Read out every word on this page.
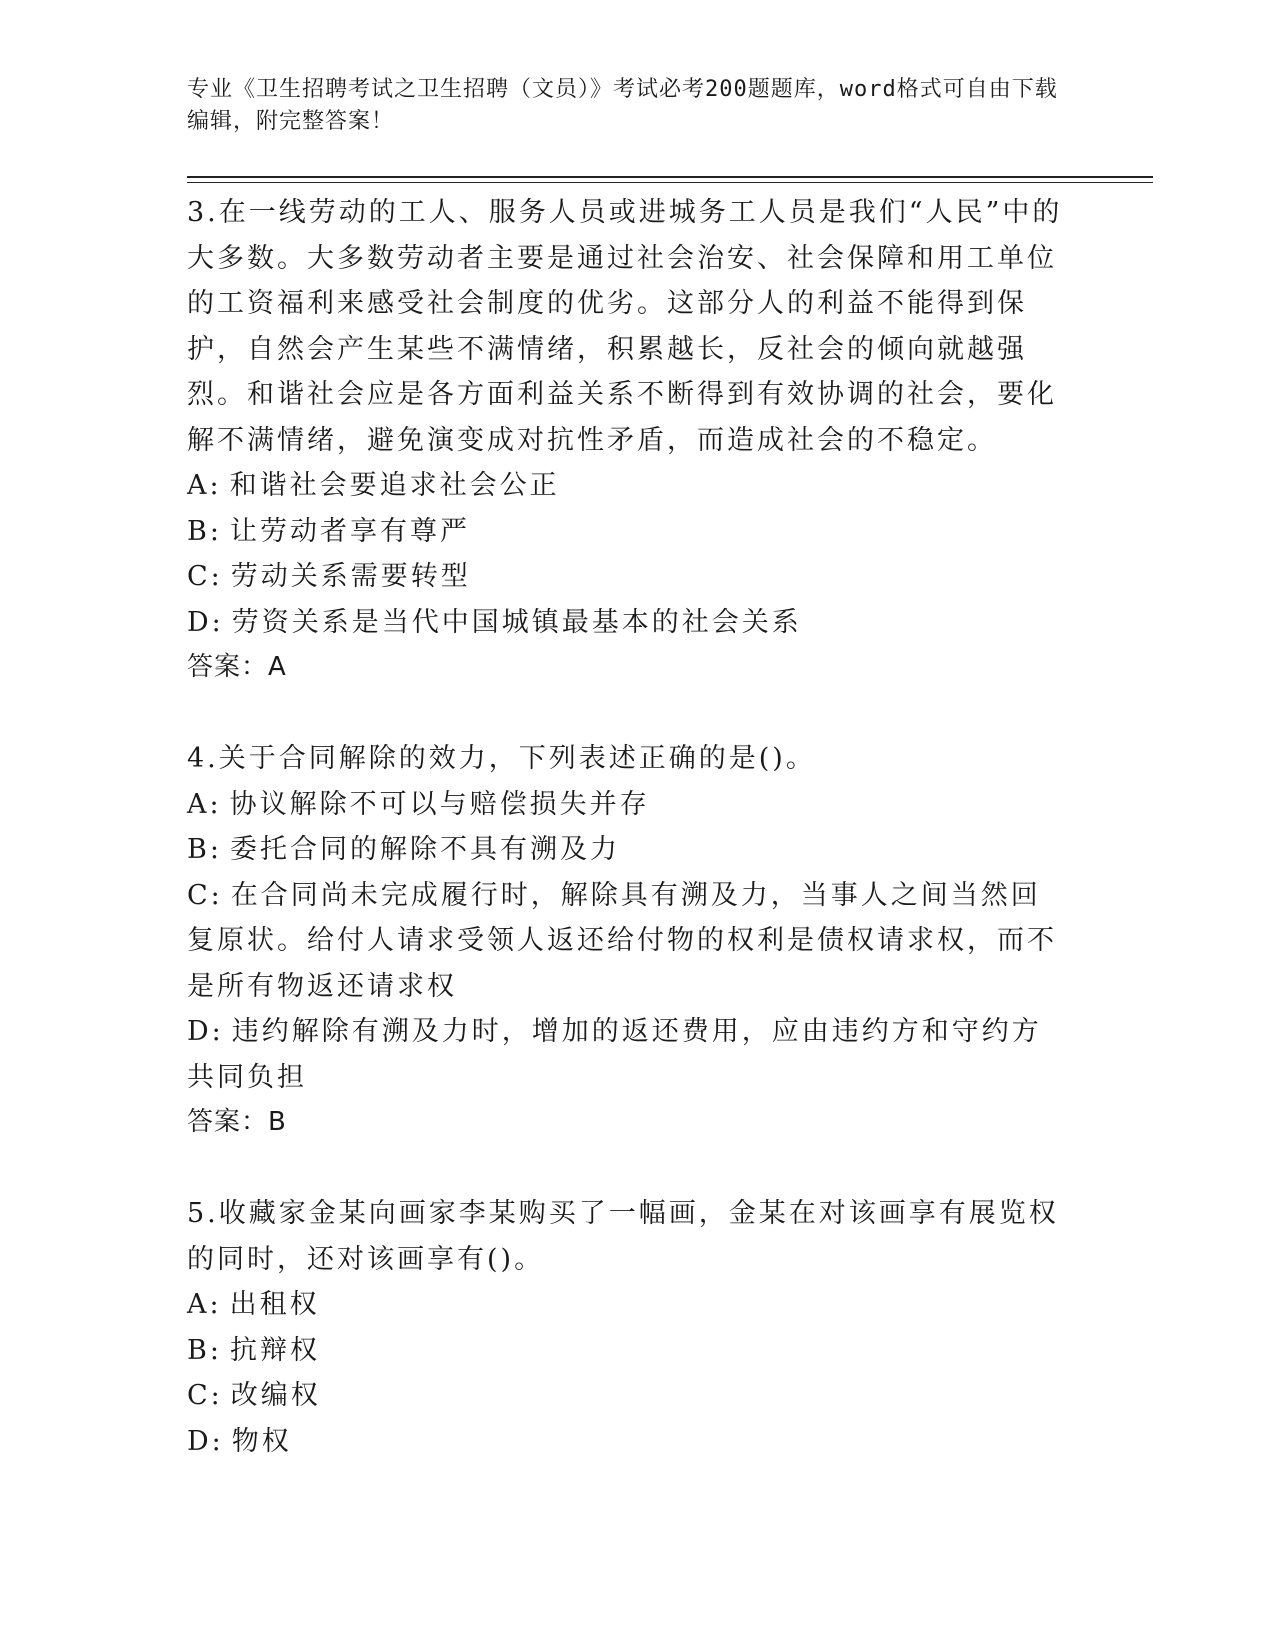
专业《卫生招聘考试之卫生招聘（文员）》考试必考200题题库，word格式可自由下载编辑，附完整答案！

3.在一线劳动的工人、服务人员或进城务工人员是我们“人民”中的大多数。大多数劳动者主要是通过社会治安、社会保障和用工单位的工资福利来感受社会制度的优劣。这部分人的利益不能得到保护，自然会产生某些不满情绪，积累越长，反社会的倾向就越强烈。和谐社会应是各方面利益关系不断得到有效协调的社会，要化解不满情绪，避免演变成对抗性矛盾，而造成社会的不稳定。

A: 和谐社会要追求社会公正

B: 让劳动者享有尊严

C: 劳动关系需要转型

D: 劳资关系是当代中国城镇最基本的社会关系

答案：A

4.关于合同解除的效力，下列表述正确的是()。

A: 协议解除不可以与赔偿损失并存

B: 委托合同的解除不具有溯及力

C: 在合同尚未完成履行时，解除具有溯及力，当事人之间当然回复原状。给付人请求受领人返还给付物的权利是债权请求权，而不是所有物返还请求权

D: 违约解除有溯及力时，增加的返还费用，应由违约方和守约方共同负担

答案：B

5.收藏家金某向画家李某购买了一幅画，金某在对该画享有展览权的同时，还对该画享有()。

A: 出租权

B: 抗辩权

C: 改编权

D: 物权
